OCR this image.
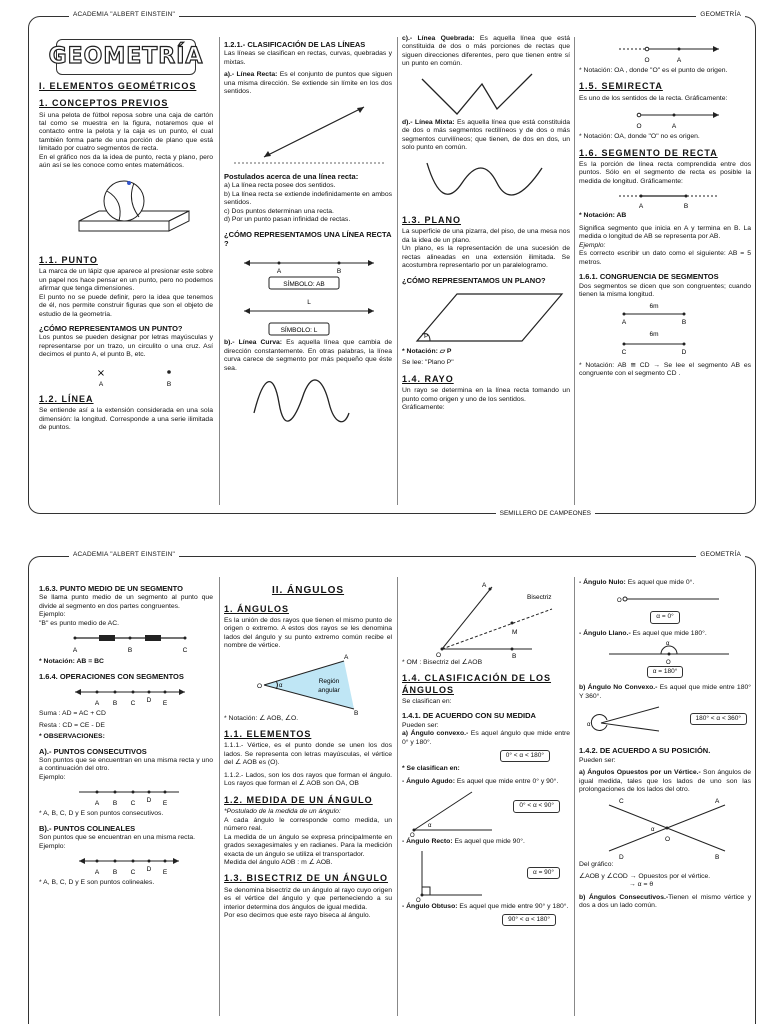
ACADEMIA "ALBERT EINSTEIN"	GEOMETRÍA
SEMILLERO DE CAMPEONES
GEOMETRÍA
I. ELEMENTOS GEOMÉTRICOS
1. CONCEPTOS PREVIOS

Si una pelota de fútbol reposa sobre una caja de cartón tal como se muestra en la figura, notaremos que el contacto entre la pelota y la caja es un punto, el cual también forma parte de una porción de plano que está limitado por cuatro segmentos de recta.

En el gráfico nos da la idea de punto, recta y plano, pero aún así se les conoce como entes matemáticos.

1.1. PUNTO

La marca de un lápiz que aparece al presionar este sobre un papel nos hace pensar en un punto, pero no podemos afirmar que tenga dimensiones.

El punto no se puede definir, pero la idea que tenemos de él, nos permite construir figuras que son el objeto de estudio de la geometría.

¿CÓMO REPRESENTAMOS UN PUNTO?

Los puntos se pueden designar por letras mayúsculas y representarse por un trazo, un circulito o una cruz. Así decimos el punto A, el punto B, etc.

×
A	B
1.2. LÍNEA

Se entiende así a la extensión considerada en una sola dimensión: la longitud. Corresponde a una serie ilimitada de puntos.

1.2.1.- CLASIFICACIÓN DE LAS LÍNEAS

Las líneas se clasifican en rectas, curvas, quebradas y mixtas.

a).- Línea Recta: Es el conjunto de puntos que siguen una misma dirección. Se extiende sin límite en los dos sentidos.

Postulados acerca de una línea recta:

a) La línea recta posee dos sentidos.

b) La línea recta se extiende indefinidamente en ambos sentidos.

c) Dos puntos determinan una recta.

d) Por un punto pasan infinidad de rectas.

¿CÓMO REPRESENTAMOS UNA LÍNEA RECTA ?
A	B
SÍMBOLO: AB
L
SÍMBOLO: L

b).- Línea Curva: Es aquella línea que cambia de dirección constantemente. En otras palabras, la línea curva carece de segmento por más pequeño que éste sea.

c).- Línea Quebrada: Es aquella línea que está constituida de dos o más porciones de rectas que siguen direcciones diferentes, pero que tienen entre sí un punto en común.

d).- Línea Mixta: Es aquella línea que está constituida de dos o más segmentos rectilíneos y de dos o más segmentos curvilíneos; que tienen, de dos en dos, un solo punto en común.

1.3. PLANO

La superficie de una pizarra, del piso, de una mesa nos da la idea de un plano.

Un plano, es la representación de una sucesión de rectas alineadas en una extensión ilimitada. Se acostumbra representarlo por un paralelogramo.

¿CÓMO REPRESENTAMOS UN PLANO?
P

* Notación: ▱ P

Se lee: "Plano P"

1.4. RAYO

Un rayo se determina en la línea recta tomando un punto como origen y uno de los sentidos.

Gráficamente:

O	A

* Notación: OA , donde "O" es el punto de origen.

1.5. SEMIRECTA

Es uno de los sentidos de la recta. Gráficamente:

O	A

* Notación: OA, donde "O" no es origen.

1.6. SEGMENTO DE RECTA

Es la porción de línea recta comprendida entre dos puntos. Sólo en el segmento de recta es posible la medida de longitud. Gráficamente:

A	B

* Notación: AB

Significa segmento que inicia en A y termina en B. La medida o longitud de AB se representa por AB.

Ejemplo:

Es correcto escribir un dato como el siguiente: AB = 5 metros.

1.6.1. CONGRUENCIA DE SEGMENTOS

Dos segmentos se dicen que son congruentes; cuando tienen la misma longitud.

6m
A	B
6m
C	D

* Notación: AB ≅ CD → Se lee el segmento AB es congruente con el segmento CD .

ACADEMIA "ALBERT EINSTEIN"	GEOMETRÍA
1.6.3. PUNTO MEDIO DE UN SEGMENTO

Se llama punto medio de un segmento al punto que divide al segmento en dos partes congruentes.

Ejemplo:

"B" es punto medio de AC.

A	B	C

* Notación: AB = BC

1.6.4. OPERACIONES CON SEGMENTOS
A B C D E

Suma : AD = AC + CD

Resta : CD = CE - DE

* OBSERVACIONES:

A).- PUNTOS CONSECUTIVOS

Son puntos que se encuentran en una misma recta y uno a continuación del otro.

Ejemplo:

A B C D E

* A, B, C, D y E son puntos consecutivos.

B).- PUNTOS COLINEALES

Son puntos que se encuentran en una misma recta.

Ejemplo:

A B C D E

* A, B, C, D y E son puntos colineales.

II. ÁNGULOS
1. ÁNGULOS

Es la unión de dos rayos que tienen el mismo punto de origen o extremo. A estos dos rayos se les denomina lados del ángulo y su punto extremo común recibe el nombre de vértice.

α
O
A
B
Región
angular

* Notación: ∠ AOB, ∠O.

1.1. ELEMENTOS

1.1.1.- Vértice, es el punto donde se unen los dos lados. Se representa con letras mayúsculas, el vértice del ∠ AOB es (O).

1.1.2.- Lados, son los dos rayos que forman el ángulo. Los rayos que forman el ∠ AOB son OA, OB

1.2. MEDIDA DE UN ÁNGULO

*Postulado de la medida de un ángulo:

A cada ángulo le corresponde como medida, un número real.

La medida de un ángulo se expresa principalmente en grados sexagesimales y en radianes. Para la medición exacta de un ángulo se utiliza el transportador.

Medida del ángulo AOB : m ∠ AOB.

1.3. BISECTRIZ DE UN ÁNGULO

Se denomina bisectriz de un ángulo al rayo cuyo origen es el vértice del ángulo y que perteneciendo a su interior determina dos ángulos de igual medida.

Por eso decimos que este rayo biseca al ángulo.

Bisectriz
M
O
A
B

* OM : Bisectriz del ∠AOB

1.4. CLASIFICACIÓN DE LOS ÁNGULOS

Se clasifican en:

1.4.1. DE ACUERDO CON SU MEDIDA

Pueden ser:

a) Ángulo convexo.- Es aquel ángulo que mide entre 0° y 180°.

0° < α < 180°

* Se clasifican en:

- Ángulo Agudo: Es aquel que mide entre 0° y 90°.

α
O
0° < α < 90°

- Ángulo Recto: Es aquel que mide 90°.

O
α = 90°

- Ángulo Obtuso: Es aquel que mide entre 90° y 180°.

90° < α < 180°

- Ángulo Nulo: Es aquel que mide 0°.

O
α = 0°

- Ángulo Llano.- Es aquel que mide 180°.

α
O
α = 180°

b) Ángulo No Convexo.- Es aquel que mide entre 180° Y 360°.

α
180° < α < 360°
1.4.2. DE ACUERDO A SU POSICIÓN.

Pueden ser:

a) Ángulos Opuestos por un Vértice.- Son ángulos de igual medida, tales que los lados de uno son las prolongaciones de los lados del otro.

C	A
D	B
O
α

Del gráfico:

∠AOB y ∠COD → Opuestos por el vértice.

→ α = θ

b) Ángulos Consecutivos.-Tienen el mismo vértice y dos a dos un lado común.
